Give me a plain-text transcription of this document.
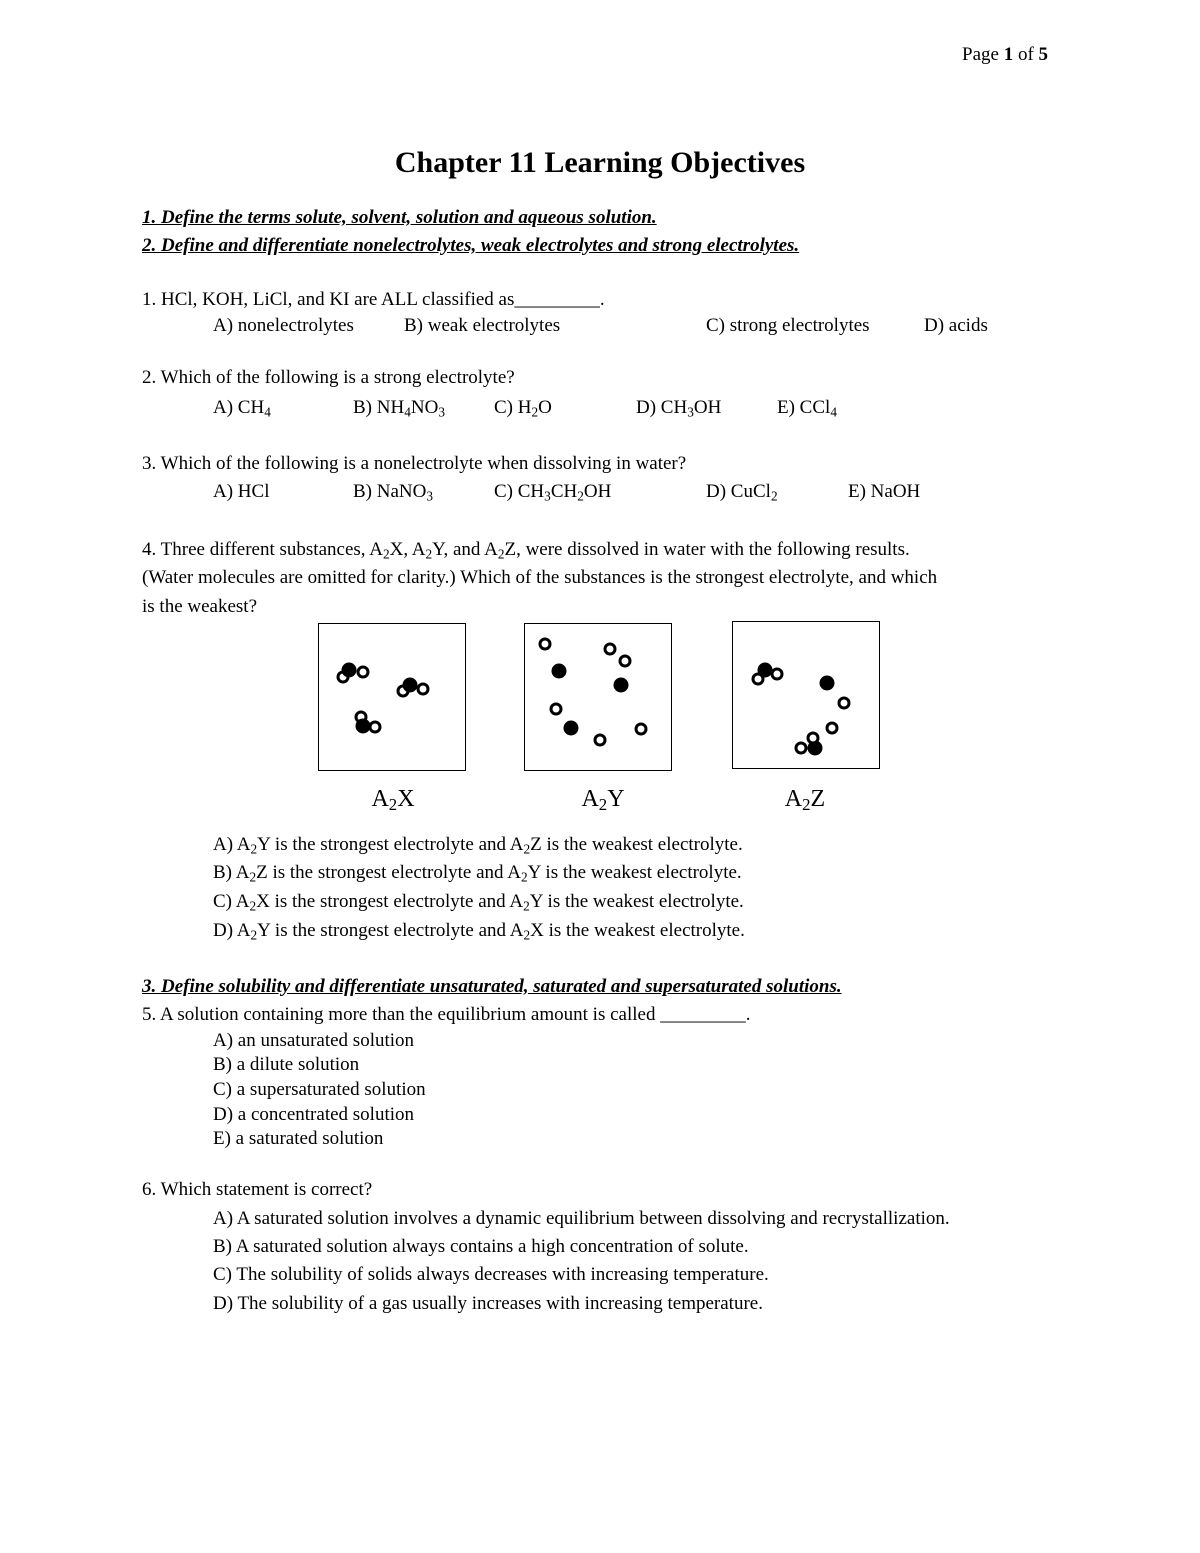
Page 1 of 5
Chapter 11 Learning Objectives
1. Define the terms solute, solvent, solution and aqueous solution.
2. Define and differentiate nonelectrolytes, weak electrolytes and strong electrolytes.
1. HCl, KOH, LiCl, and KI are ALL classified as_________.
A) nonelectrolytes	B) weak electrolytes	C) strong electrolytes	D) acids
2. Which of the following is a strong electrolyte?
A) $CH_4$	B) $NH_4NO_3$	C) $H_2O$	D) $CH_3OH$	E) CCl$_4$
3. Which of the following is a nonelectrolyte when dissolving in water?
A) HCl	B) NaNO$_3$	C) $CH_3CH_2OH$	D) CuCl$_2$	E) NaOH
4. Three different substances, $A_2X$, $A_2Y$, and $A_2Z$, were dissolved in water with the following results.
(Water molecules are omitted for clarity.) Which of the substances is the strongest electrolyte, and which
is the weakest?
$A_2X$	$A_2Y$	$A_2Z$
A) $A_2Y$ is the strongest electrolyte and $A_2Z$ is the weakest electrolyte.
B) $A_2Z$ is the strongest electrolyte and $A_2Y$ is the weakest electrolyte.
C) $A_2X$ is the strongest electrolyte and $A_2Y$ is the weakest electrolyte.
D) $A_2Y$ is the strongest electrolyte and $A_2X$ is the weakest electrolyte.
3. Define solubility and differentiate unsaturated, saturated and supersaturated solutions.
5. A solution containing more than the equilibrium amount is called _________.
A) an unsaturated solution
B) a dilute solution
C) a supersaturated solution
D) a concentrated solution
E) a saturated solution
6. Which statement is correct?
A) A saturated solution involves a dynamic equilibrium between dissolving and recrystallization.
B) A saturated solution always contains a high concentration of solute.
C) The solubility of solids always decreases with increasing temperature.
D) The solubility of a gas usually increases with increasing temperature.
